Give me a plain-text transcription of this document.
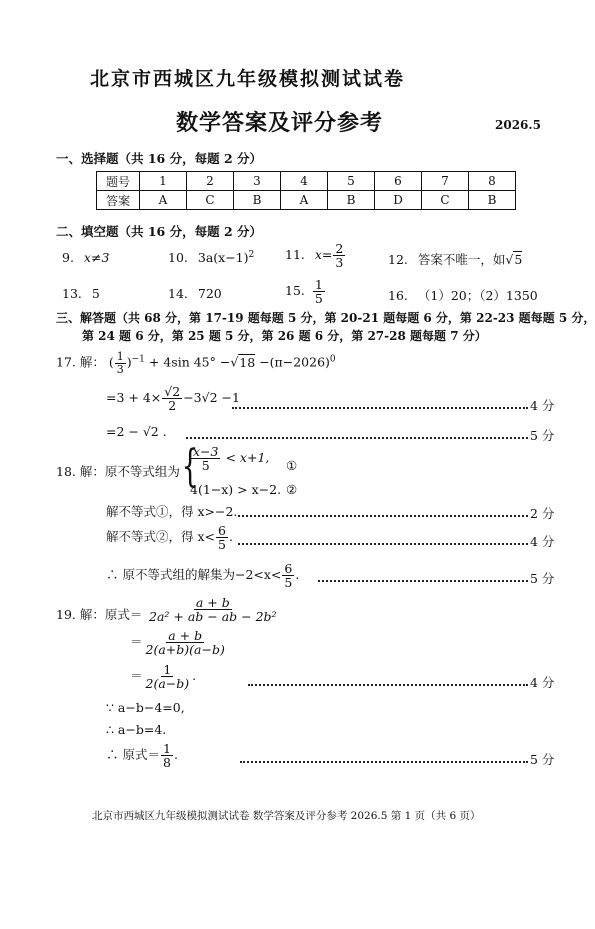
北京市西城区九年级模拟测试试卷
数学答案及评分参考	2026.5
一、选择题（共 16 分，每题 2 分）
题号	1	2	3	4	5	6	7	8
答案	A	C	B	A	B	D	C	B
二、填空题（共 16 分，每题 2 分）
9. x≠3	10. $3a(x-1)^2$ 11. $x= \frac{2}{3}$	12. 答案不唯一，如√5
13. 5	14. 720	15. $\frac{1}{5}$	16. （1）20；（2）1350
三、解答题（共 68 分，第 17-19 题每题 5 分，第 20-21 题每题 6 分，第 22-23 题每题 5 分，
第 24 题 6 分，第 25 题 5 分，第 26 题 6 分，第 27-28 题每题 7 分）
17. 解： ( $\frac{1}{3} )^{-1} + 4\sin$ $45^\circ -√18 -(\pi-2026)^0$
$=3 + 4\times \frac{√2}{2} -3√2 -1$
4 分
=2 − √2 .	5 分
18. 解：原不等式组为 {
$\frac{x-3}{5} < x+1$,
①
4(1−x) > x−2. ②
解不等式①，得 x>−2.	2 分
解不等式②，得 $x< \frac{6}{5}$ .	4 分
∴ 原不等式组的解集为$-2<x< \frac{6}{5}$ .	5 分
19. 解：原式＝ $\frac{a + b}{\text{2a² + ab − ab − 2b²}}$
＝ $\frac{a + b}{2(a+b)(a-b)}$
＝ $\frac{1}{2(a-b)}$ .	4 分
∵ a−b−4=0,
∴ a−b=4.
∴ 原式＝ $\frac{1}{8}$ .	5 分
北京市西城区九年级模拟测试试卷 数学答案及评分参考 2026.5 第 1 页（共 6 页）
